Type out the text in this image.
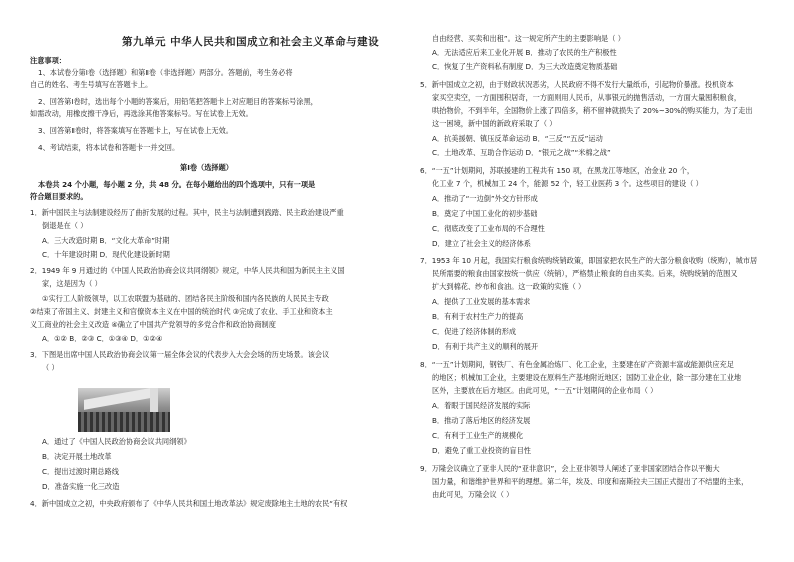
第九单元 中华人民共和国成立和社会主义革命与建设
注意事项：
1、本试卷分第Ⅰ卷（选择题）和第Ⅱ卷（非选择题）两部分。答题前，考生务必将
自己的姓名、考生号填写在答题卡上。
2、回答第Ⅰ卷时，选出每个小题的答案后，用铅笔把答题卡上对应题目的答案标号涂黑，
如需改动，用橡皮擦干净后，再选涂其他答案标号。写在试卷上无效。
3、回答第Ⅱ卷时，将答案填写在答题卡上，写在试卷上无效。
4、考试结束，将本试卷和答题卡一并交回。
第Ⅰ卷（选择题）
本卷共 24 个小题，每小题 2 分，共 48 分。在每小题给出的四个选项中，只有一项是
符合题目要求的。
1．新中国民主与法制建设经历了曲折发展的过程。其中，民主与法制遭到践踏、民主政治建设严重
倒退是在（ ）
A．三大改造时期 B．“文化大革命”时期
C．十年建设时期 D．现代化建设新时期
2．1949 年 9 月通过的《中国人民政治协商会议共同纲领》规定，中华人民共和国为新民主主义国
家，这是因为（ ）
①实行工人阶级领导，以工农联盟为基础的、团结各民主阶级和国内各民族的人民民主专政
②结束了帝国主义、封建主义和官僚资本主义在中国的统治时代 ③完成了农业、手工业和资本主
义工商业的社会主义改造 ④确立了中国共产党领导的多党合作和政治协商制度
A．①② B．②③ C．①③④ D．①②④
3．下图是出席中国人民政治协商会议第一届全体会议的代表步入大会会场的历史场景。该会议
（ ）
A．通过了《中国人民政治协商会议共同纲领》
B．决定开展土地改革
C．提出过渡时期总路线
D．准备实施一化三改造
4．新中国成立之初，中央政府颁布了《中华人民共和国土地改革法》规定废除地主土地的农民“有权
自由经营、买卖和出租”。这一规定所产生的主要影响是（ ）
A．无法适应后来工业化开展 B．推动了农民的生产积极性
C．恢复了生产资料私有制度 D．为三大改造奠定物质基础
5．新中国成立之初，由于财政状况恶劣，人民政府不得不发行大量纸币，引起物价暴涨。投机资本
家买空卖空，一方面囤积居奇，一方面则用人民币，从事银元的抛售活动，一方面大量囤积粮食，
哄抬物价，不到半年，全国物价上涨了四倍多，稍不留神就损失了 20%~30%的购买能力，为了走出
这一困境，新中国的新政府采取了（ ）
A．抗美援朝、镇压反革命运动 B．“三反”“五反”运动
C．土地改革、互助合作运动 D．“银元之战”“米棉之战”
6．“一五”计划期间，苏联援建的工程共有 150 项，在黑龙江等地区，冶金业 20 个，
化工业 7 个，机械加工 24 个，能源 52 个，轻工业医药 3 个。这些项目的建设（ ）
A．推动了“一边倒”外交方针形成
B．奠定了中国工业化的初步基础
C．彻底改变了工业布局的不合理性
D．建立了社会主义的经济体系
7．1953 年 10 月起，我国实行粮食统购统销政策，即国家把农民生产的大部分粮食收购（统购），城市居
民所需要的粮食由国家按统一供应（统销），严格禁止粮食的自由买卖。后来，统购统销的范围又
扩大到棉花、纱布和食油。这一政策的实施（ ）
A．提供了工业发展的基本需求
B．有利于农村生产力的提高
C．促进了经济体制的形成
D．有利于共产主义的顺利的展开
8．“一五”计划期间，钢铁厂、有色金属冶炼厂、化工企业，主要建在矿产资源丰富或能源供应充足
的地区；机械加工企业，主要建设在原料生产基地附近地区；国防工业企业，除一部分建在工业地
区外，主要放在后方地区。由此可见，“一五”计划期间的企业布局（ ）
A．着眼于国民经济发展的实际
B．推动了落后地区的经济发展
C．有利于工业生产的规模化
D．避免了重工业投资的盲目性
9．万隆会议确立了亚非人民的“亚非意识”，会上亚非领导人阐述了亚非国家团结合作以平衡大
国力量，和谐维护世界和平的理想。第二年，埃及、印度和南斯拉夫三国正式提出了不结盟的主张，
由此可见，万隆会议（ ）
